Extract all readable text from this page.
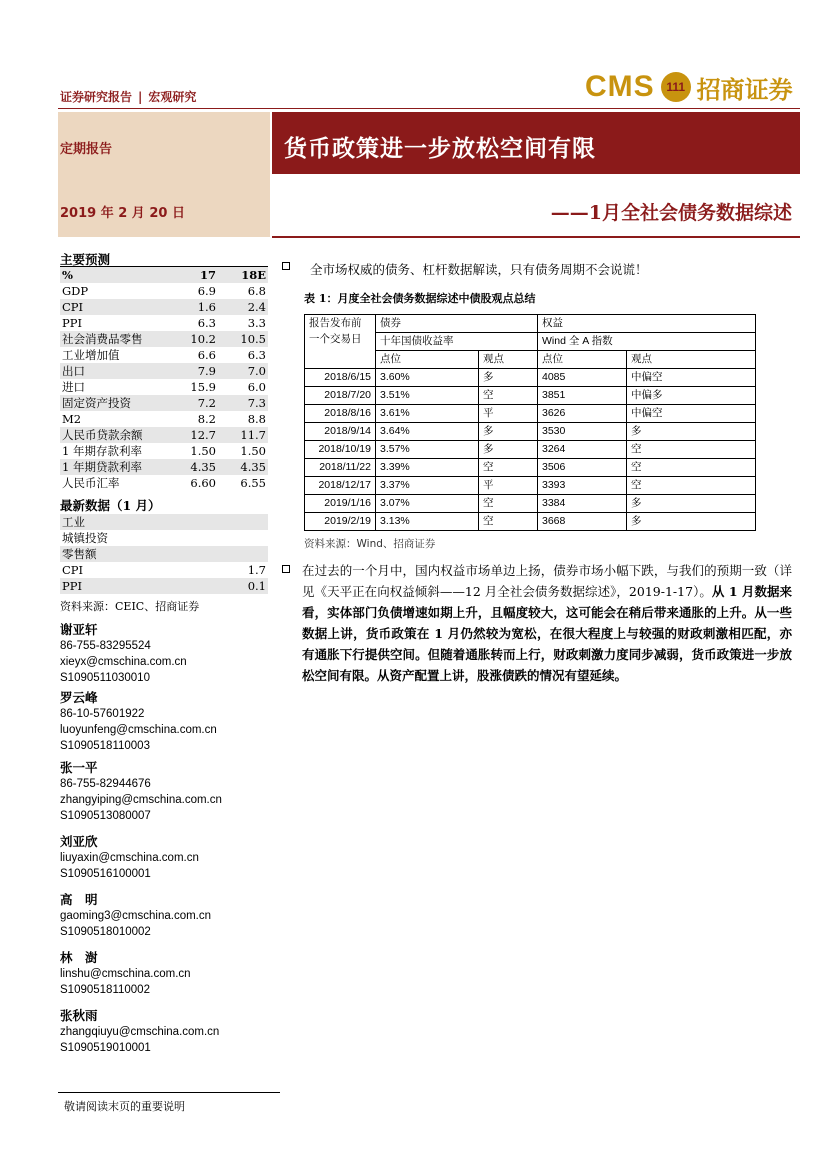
证券研究报告 | 宏观研究	CMS 111 招商证券
定期报告
2019 年 2 月 20 日
货币政策进一步放松空间有限
——1月全社会债务数据综述
主要预测
%	17	18E
GDP	6.9	6.8
CPI	1.6	2.4
PPI	6.3	3.3
社会消费品零售	10.2	10.5
工业增加值	6.6	6.3
出口	7.9	7.0
进口	15.9	6.0
固定资产投资	7.2	7.3
M2	8.2	8.8
人民币贷款余额	12.7	11.7
1 年期存款利率	1.50	1.50
1 年期贷款利率	4.35	4.35
人民币汇率	6.60	6.55
最新数据（1 月）
工业	
城镇投资	
零售额	
CPI	1.7
PPI	0.1
资料来源：CEIC、招商证券
谢亚轩
86-755-83295524
xieyx@cmschina.com.cn
S1090511030010
罗云峰
86-10-57601922
luoyunfeng@cmschina.com.cn
S1090518110003
张一平
86-755-82944676
zhangyiping@cmschina.com.cn
S1090513080007
刘亚欣
liuyaxin@cmschina.com.cn
S1090516100001
高　明
gaoming3@cmschina.com.cn
S1090518010002
林　澍
linshu@cmschina.com.cn
S1090518110002
张秋雨
zhangqiuyu@cmschina.com.cn
S1090519010001
敬请阅读末页的重要说明
全市场权威的债务、杠杆数据解读，只有债务周期不会说谎！
表 1：月度全社会债务数据综述中债股观点总结
报告发布前一个交易日	债券		权益	
	十年国债收益率		Wind 全 A 指数	
	点位	观点	点位	观点
2018/6/15	3.60%	多	4085	中偏空
2018/7/20	3.51%	空	3851	中偏多
2018/8/16	3.61%	平	3626	中偏空
2018/9/14	3.64%	多	3530	多
2018/10/19	3.57%	多	3264	空
2018/11/22	3.39%	空	3506	空
2018/12/17	3.37%	平	3393	空
2019/1/16	3.07%	空	3384	多
2019/2/19	3.13%	空	3668	多
资料来源：Wind、招商证券
在过去的一个月中，国内权益市场单边上扬，债券市场小幅下跌，与我们的预期一致（详见《天平正在向权益倾斜——12 月全社会债务数据综述》，2019-1-17）。从 1 月数据来看，实体部门负债增速如期上升，且幅度较大，这可能会在稍后带来通胀的上升。从一些数据上讲，货币政策在 1 月仍然较为宽松，在很大程度上与较强的财政刺激相匹配，亦有通胀下行提供空间。但随着通胀转而上行，财政刺激力度同步减弱，货币政策进一步放松空间有限。从资产配置上讲，股涨债跌的情况有望延续。
